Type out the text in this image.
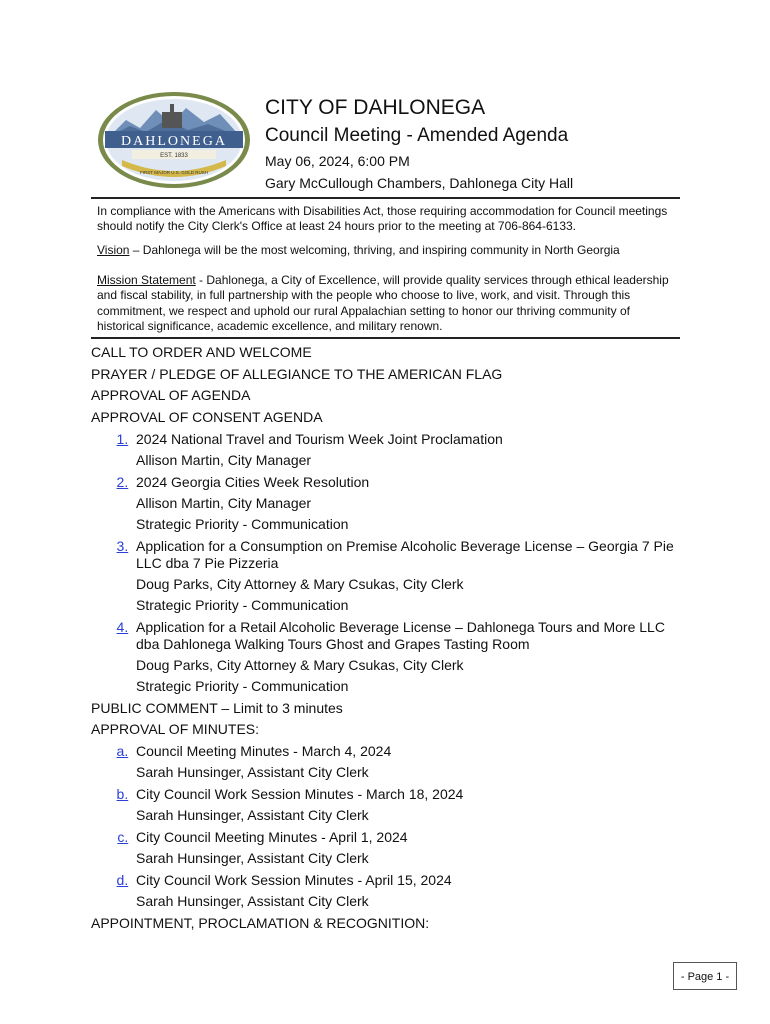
DAHLONEGA
EST. 1833
FIRST MAJOR U.S. GOLD RUSH
CITY OF DAHLONEGA
Council Meeting - Amended Agenda
May 06, 2024, 6:00 PM
Gary McCullough Chambers, Dahlonega City Hall
In compliance with the Americans with Disabilities Act, those requiring accommodation for Council meetings should notify the City Clerk's Office at least 24 hours prior to the meeting at 706-864-6133.
Vision – Dahlonega will be the most welcoming, thriving, and inspiring community in North Georgia
Mission Statement - Dahlonega, a City of Excellence, will provide quality services through ethical leadership and fiscal stability, in full partnership with the people who choose to live, work, and visit. Through this commitment, we respect and uphold our rural Appalachian setting to honor our thriving community of historical significance, academic excellence, and military renown.
CALL TO ORDER AND WELCOME
PRAYER / PLEDGE OF ALLEGIANCE TO THE AMERICAN FLAG
APPROVAL OF AGENDA
APPROVAL OF CONSENT AGENDA
1. 2024 National Travel and Tourism Week Joint Proclamation
Allison Martin, City Manager
2. 2024 Georgia Cities Week Resolution
Allison Martin, City Manager
Strategic Priority - Communication
3. Application for a Consumption on Premise Alcoholic Beverage License – Georgia 7 Pie LLC dba 7 Pie Pizzeria
Doug Parks, City Attorney & Mary Csukas, City Clerk
Strategic Priority - Communication
4. Application for a Retail Alcoholic Beverage License – Dahlonega Tours and More LLC dba Dahlonega Walking Tours Ghost and Grapes Tasting Room
Doug Parks, City Attorney & Mary Csukas, City Clerk
Strategic Priority - Communication
PUBLIC COMMENT – Limit to 3 minutes
APPROVAL OF MINUTES:
a. Council Meeting Minutes - March 4, 2024
Sarah Hunsinger, Assistant City Clerk
b. City Council Work Session Minutes - March 18, 2024
Sarah Hunsinger, Assistant City Clerk
c. City Council Meeting Minutes - April 1, 2024
Sarah Hunsinger, Assistant City Clerk
d. City Council Work Session Minutes - April 15, 2024
Sarah Hunsinger, Assistant City Clerk
APPOINTMENT, PROCLAMATION & RECOGNITION:
- Page 1 -
